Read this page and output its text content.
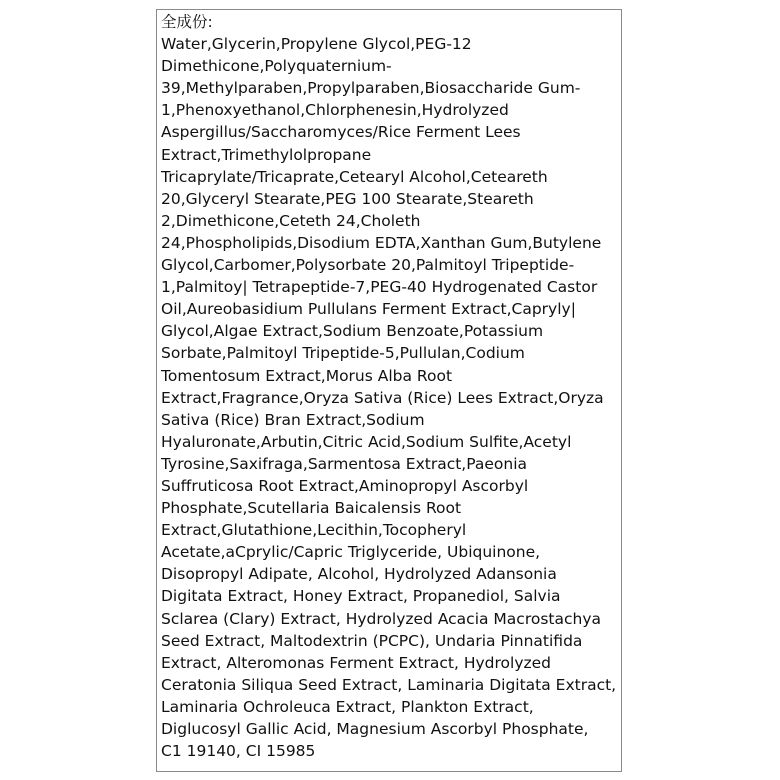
全成份:
Water,Glycerin,Propylene Glycol,PEG-12
Dimethicone,Polyquaternium-
39,Methylparaben,Propylparaben,Biosaccharide Gum-
1,Phenoxyethanol,Chlorphenesin,Hydrolyzed
Aspergillus/Saccharomyces/Rice Ferment Lees
Extract,Trimethylolpropane
Tricaprylate/Tricaprate,Cetearyl Alcohol,Ceteareth
20,Glyceryl Stearate,PEG 100 Stearate,Steareth
2,Dimethicone,Ceteth 24,Choleth
24,Phospholipids,Disodium EDTA,Xanthan Gum,Butylene
Glycol,Carbomer,Polysorbate 20,Palmitoyl Tripeptide-
1,Palmitoy| Tetrapeptide-7,PEG-40 Hydrogenated Castor
Oil,Aureobasidium Pullulans Ferment Extract,Capryly|
Glycol,Algae Extract,Sodium Benzoate,Potassium
Sorbate,Palmitoyl Tripeptide-5,Pullulan,Codium
Tomentosum Extract,Morus Alba Root
Extract,Fragrance,Oryza Sativa (Rice) Lees Extract,Oryza
Sativa (Rice) Bran Extract,Sodium
Hyaluronate,Arbutin,Citric Acid,Sodium Sulfite,Acetyl
Tyrosine,Saxifraga,Sarmentosa Extract,Paeonia
Suffruticosa Root Extract,Aminopropyl Ascorbyl
Phosphate,Scutellaria Baicalensis Root
Extract,Glutathione,Lecithin,Tocopheryl
Acetate,aCprylic/Capric Triglyceride, Ubiquinone,
Disopropyl Adipate, Alcohol, Hydrolyzed Adansonia
Digitata Extract, Honey Extract, Propanediol, Salvia
Sclarea (Clary) Extract, Hydrolyzed Acacia Macrostachya
Seed Extract, Maltodextrin (PCPC), Undaria Pinnatifida
Extract, Alteromonas Ferment Extract, Hydrolyzed
Ceratonia Siliqua Seed Extract, Laminaria Digitata Extract,
Laminaria Ochroleuca Extract, Plankton Extract,
Diglucosyl Gallic Acid, Magnesium Ascorbyl Phosphate,
C1 19140, CI 15985
